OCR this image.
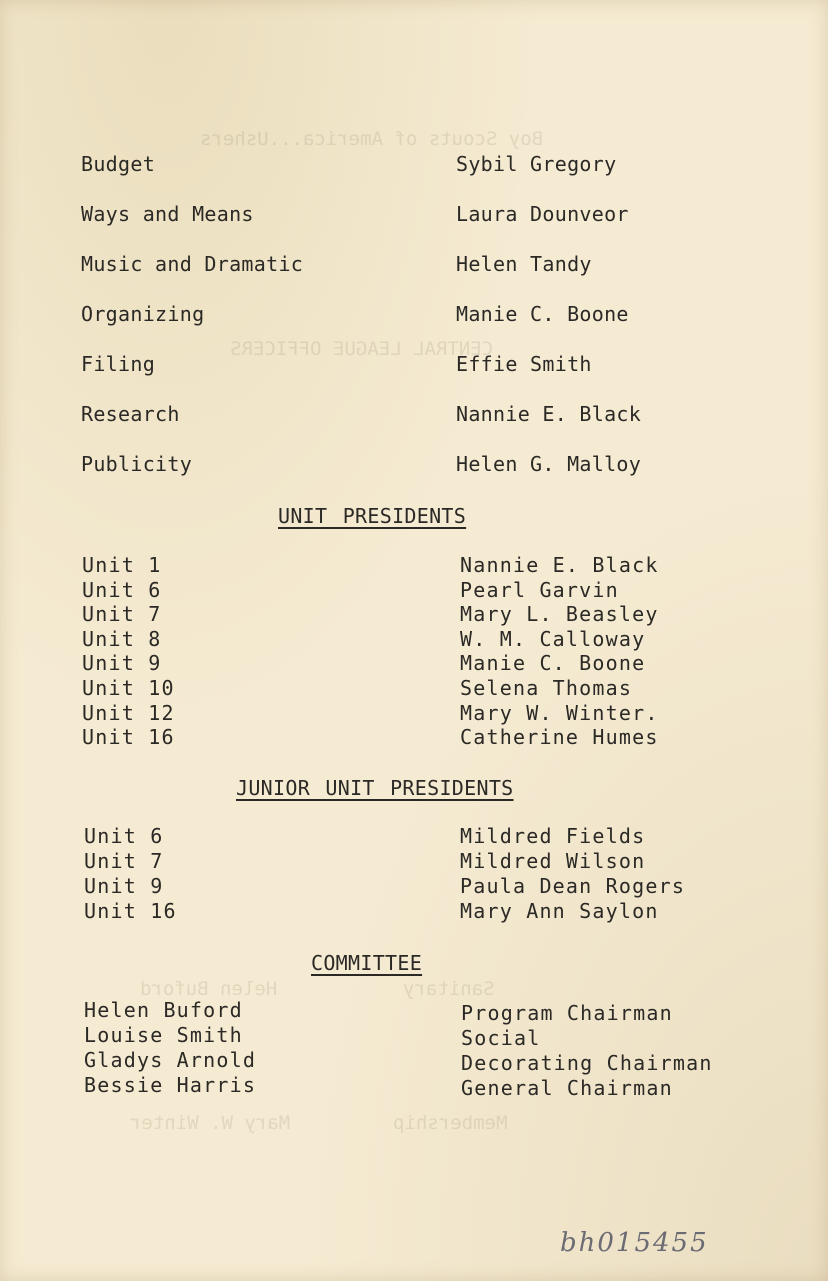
Boy Scouts of America...Ushers
CENTRAL LEAGUE OFFICERS
Sanitary           Helen Buford
Membership         Mary W. Winter
Budget	Sybil Gregory
Ways and Means	Laura Dounveor
Music and Dramatic	Helen Tandy
Organizing	Manie C. Boone
Filing	Effie Smith
Research	Nannie E. Black
Publicity	Helen G. Malloy
UNIT PRESIDENTS
Unit 1	Nannie E. Black
Unit 6	Pearl Garvin
Unit 7	Mary L. Beasley
Unit 8	W. M. Calloway
Unit 9	Manie C. Boone
Unit 10	Selena Thomas
Unit 12	Mary W. Winter.
Unit 16	Catherine Humes
JUNIOR UNIT PRESIDENTS
Unit 6	Mildred Fields
Unit 7	Mildred Wilson
Unit 9	Paula Dean Rogers
Unit 16	Mary Ann Saylon
COMMITTEE
Helen Buford	Program Chairman
Louise Smith	Social
Gladys Arnold	Decorating Chairman
Bessie Harris	General Chairman
bh015455
